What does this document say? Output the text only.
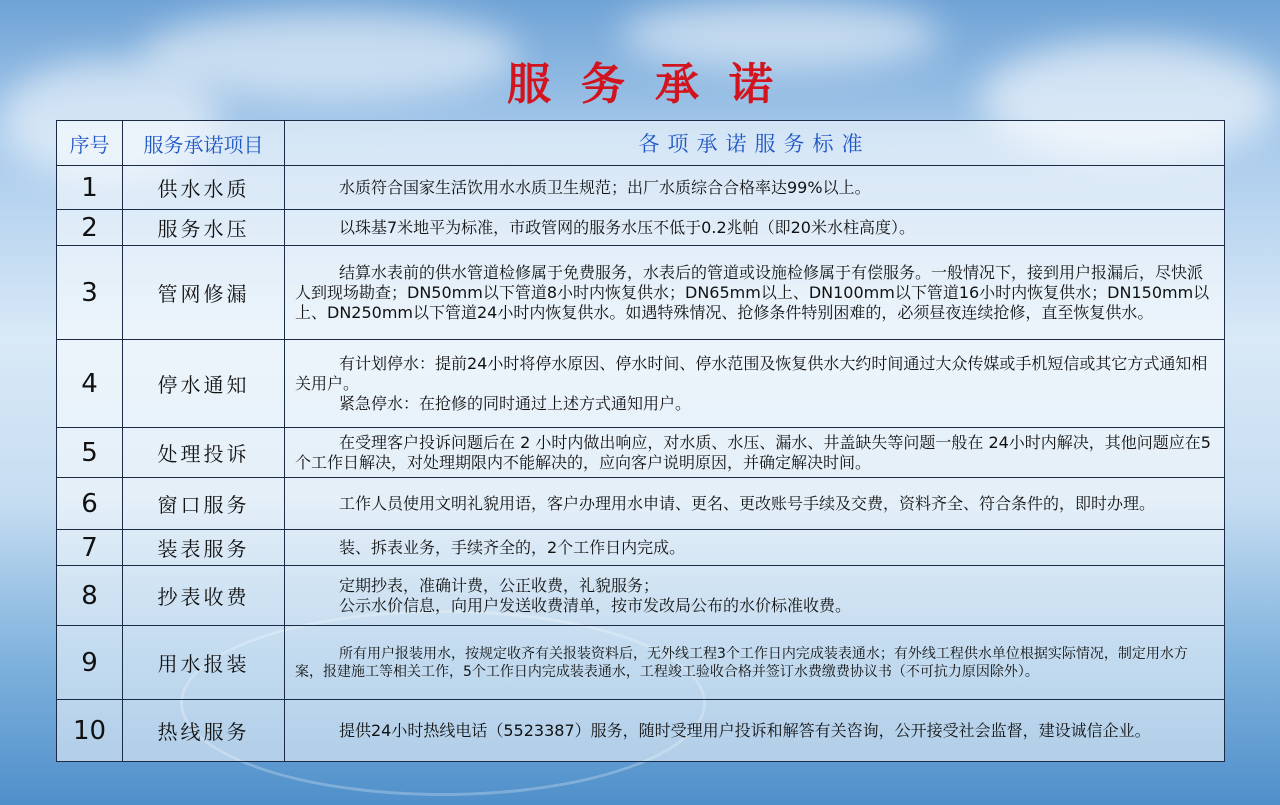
服务承诺
序号	服务承诺项目	各项承诺服务标准
1	供水水质	水质符合国家生活饮用水水质卫生规范；出厂水质综合合格率达99%以上。

2	服务水压	以珠基7米地平为标准，市政管网的服务水压不低于0.2兆帕（即20米水柱高度）。

3	管网修漏	结算水表前的供水管道检修属于免费服务，水表后的管道或设施检修属于有偿服务。一般情况下，接到用户报漏后，尽快派人到现场勘查；DN50mm以下管道8小时内恢复供水；DN65mm以上、DN100mm以下管道16小时内恢复供水；DN150mm以上、DN250mm以下管道24小时内恢复供水。如遇特殊情况、抢修条件特别困难的，必须昼夜连续抢修，直至恢复供水。

4	停水通知	有计划停水：提前24小时将停水原因、停水时间、停水范围及恢复供水大约时间通过大众传媒或手机短信或其它方式通知相关用户。
紧急停水：在抢修的同时通过上述方式通知用户。

5	处理投诉	在受理客户投诉问题后在 2 小时内做出响应，对水质、水压、漏水、井盖缺失等问题一般在 24小时内解决，其他问题应在5个工作日解决，对处理期限内不能解决的，应向客户说明原因，并确定解决时间。

6	窗口服务	工作人员使用文明礼貌用语，客户办理用水申请、更名、更改账号手续及交费，资料齐全、符合条件的，即时办理。

7	装表服务	装、拆表业务，手续齐全的，2个工作日内完成。

8	抄表收费	定期抄表，准确计费，公正收费，礼貌服务；
公示水价信息，向用户发送收费清单，按市发改局公布的水价标准收费。

9	用水报装	所有用户报装用水，按规定收齐有关报装资料后，无外线工程3个工作日内完成装表通水；有外线工程供水单位根据实际情况，制定用水方案，报建施工等相关工作，5个工作日内完成装表通水，工程竣工验收合格并签订水费缴费协议书（不可抗力原因除外）。

10	热线服务	提供24小时热线电话（5523387）服务，随时受理用户投诉和解答有关咨询，公开接受社会监督，建设诚信企业。
